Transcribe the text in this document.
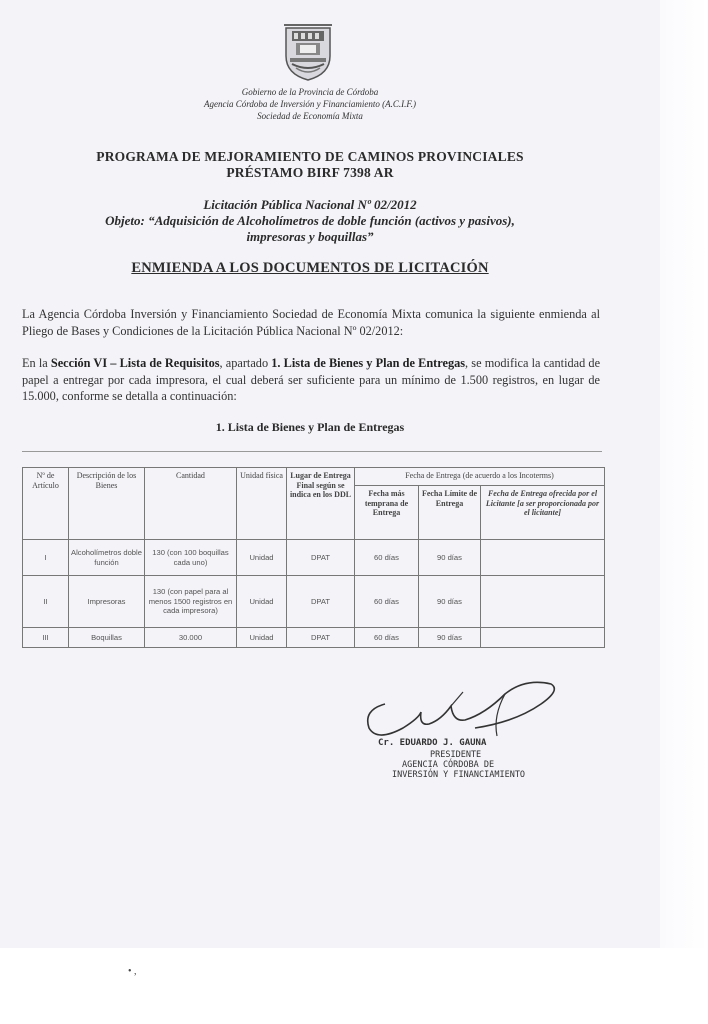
Gobierno de la Provincia de Córdoba
Agencia Córdoba de Inversión y Financiamiento (A.C.I.F.)
Sociedad de Economía Mixta
PROGRAMA DE MEJORAMIENTO DE CAMINOS PROVINCIALES
PRÉSTAMO BIRF 7398 AR
Licitación Pública Nacional Nº 02/2012
Objeto: “Adquisición de Alcoholímetros de doble función (activos y pasivos),
impresoras y boquillas”
ENMIENDA A LOS DOCUMENTOS DE LICITACIÓN
La Agencia Córdoba Inversión y Financiamiento Sociedad de Economía Mixta comunica la siguiente enmienda al Pliego de Bases y Condiciones de la Licitación Pública Nacional Nº 02/2012:
En la Sección VI – Lista de Requisitos, apartado 1. Lista de Bienes y Plan de Entregas, se modifica la cantidad de papel a entregar por cada impresora, el cual deberá ser suficiente para un mínimo de 1.500 registros, en lugar de 15.000, conforme se detalla a continuación:
1. Lista de Bienes y Plan de Entregas
Nº de Artículo	Descripción de los Bienes	Cantidad	Unidad física	Lugar de Entrega Final según se indica en los DDL	Fecha de Entrega (de acuerdo a los Incoterms)		
					Fecha más temprana de Entrega	Fecha Límite de Entrega	Fecha de Entrega ofrecida por el Licitante [a ser proporcionada por el licitante]
I	Alcoholímetros doble función	130 (con 100 boquillas cada uno)	Unidad	DPAT	60 días	90 días	
II	Impresoras	130 (con papel para al menos 1500 registros en cada impresora)	Unidad	DPAT	60 días	90 días	
III	Boquillas	30.000	Unidad	DPAT	60 días	90 días	
Cr. EDUARDO J. GAUNA
PRESIDENTE
AGENCIA CÓRDOBA DE
INVERSIÓN Y FINANCIAMIENTO
• ,
